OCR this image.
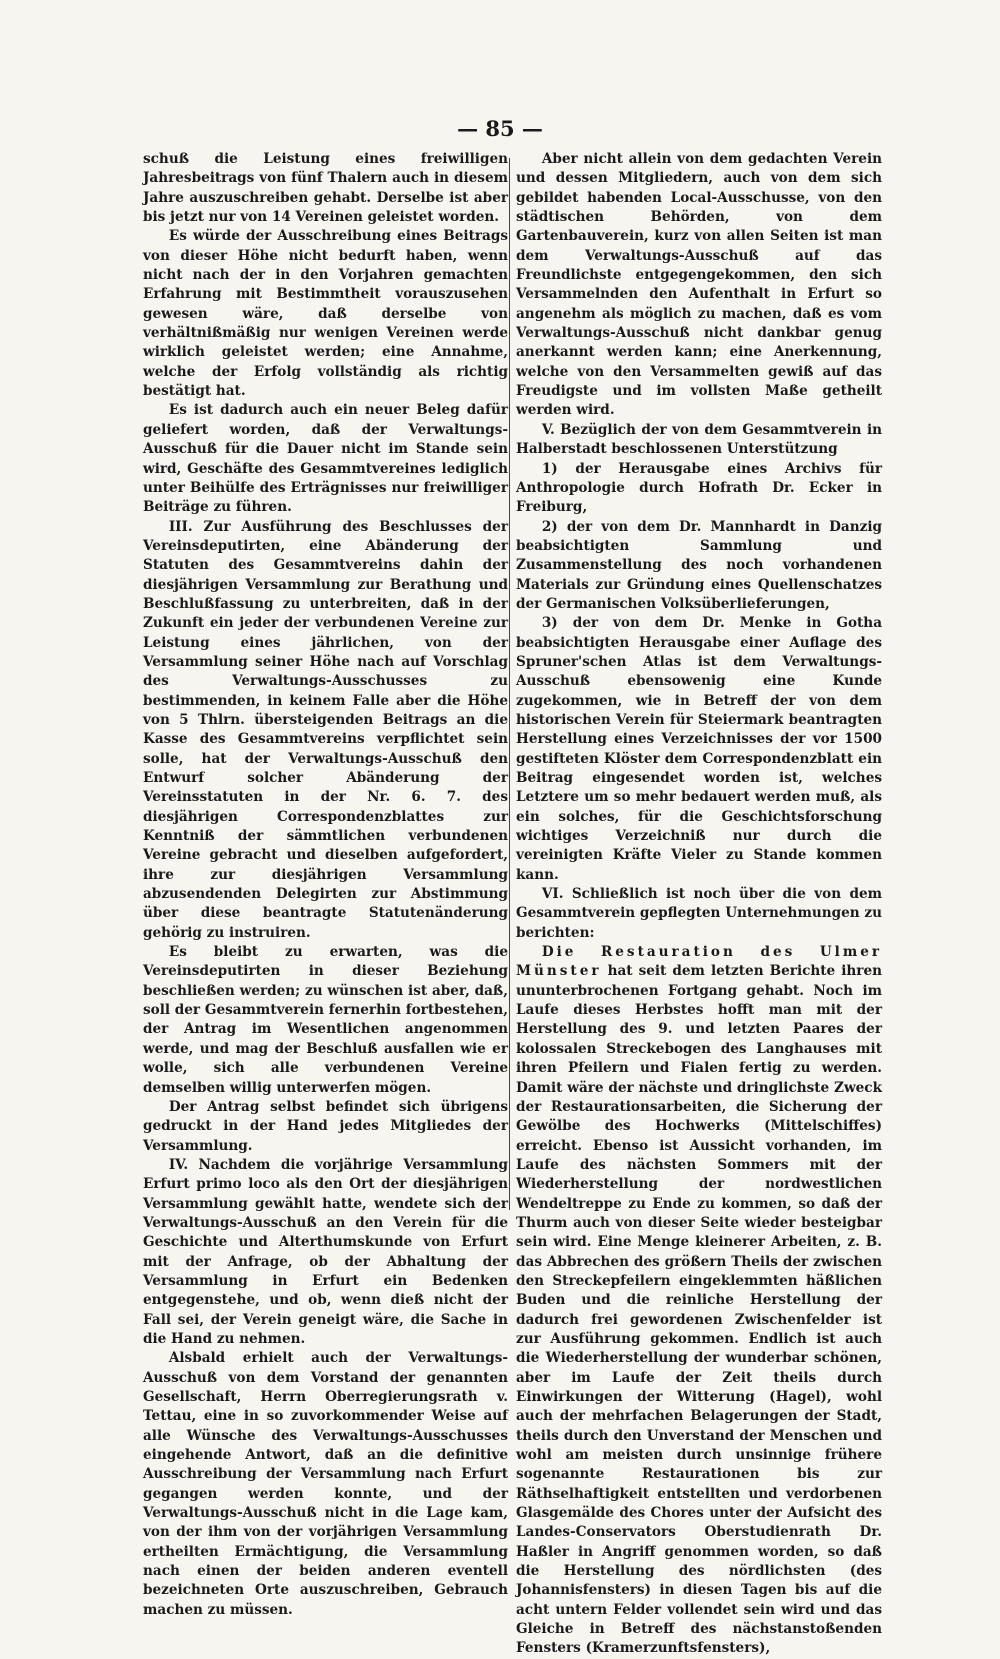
— 85 —

schuß die Leistung eines freiwilligen Jahresbeitrags von fünf Thalern auch in diesem Jahre auszuschreiben gehabt. Derselbe ist aber bis jetzt nur von 14 Vereinen geleistet worden.

Es würde der Ausschreibung eines Beitrags von dieser Höhe nicht bedurft haben, wenn nicht nach der in den Vorjahren gemachten Erfahrung mit Bestimmtheit vorauszusehen gewesen wäre, daß derselbe von verhältnißmäßig nur wenigen Vereinen werde wirklich geleistet werden; eine Annahme, welche der Erfolg vollständig als richtig bestätigt hat.

Es ist dadurch auch ein neuer Beleg dafür geliefert worden, daß der Verwaltungs-Ausschuß für die Dauer nicht im Stande sein wird, Geschäfte des Gesammtvereines lediglich unter Beihülfe des Erträgnisses nur freiwilliger Beiträge zu führen.

III. Zur Ausführung des Beschlusses der Vereinsdeputirten, eine Abänderung der Statuten des Gesammtvereins dahin der diesjährigen Versammlung zur Berathung und Beschlußfassung zu unterbreiten, daß in der Zukunft ein jeder der verbundenen Vereine zur Leistung eines jährlichen, von der Versammlung seiner Höhe nach auf Vorschlag des Verwaltungs-Ausschusses zu bestimmenden, in keinem Falle aber die Höhe von 5 Thlrn. übersteigenden Beitrags an die Kasse des Gesammtvereins verpflichtet sein solle, hat der Verwaltungs-Ausschuß den Entwurf solcher Abänderung der Vereinsstatuten in der Nr. 6. 7. des diesjährigen Correspondenzblattes zur Kenntniß der sämmtlichen verbundenen Vereine gebracht und dieselben aufgefordert, ihre zur diesjährigen Versammlung abzusendenden Delegirten zur Abstimmung über diese beantragte Statutenänderung gehörig zu instruiren.

Es bleibt zu erwarten, was die Vereinsdeputirten in dieser Beziehung beschließen werden; zu wünschen ist aber, daß, soll der Gesammtverein fernerhin fortbestehen, der Antrag im Wesentlichen angenommen werde, und mag der Beschluß ausfallen wie er wolle, sich alle verbundenen Vereine demselben willig unterwerfen mögen.

Der Antrag selbst befindet sich übrigens gedruckt in der Hand jedes Mitgliedes der Versammlung.

IV. Nachdem die vorjährige Versammlung Erfurt primo loco als den Ort der diesjährigen Versammlung gewählt hatte, wendete sich der Verwaltungs-Ausschuß an den Verein für die Geschichte und Alterthumskunde von Erfurt mit der Anfrage, ob der Abhaltung der Versammlung in Erfurt ein Bedenken entgegenstehe, und ob, wenn dieß nicht der Fall sei, der Verein geneigt wäre, die Sache in die Hand zu nehmen.

Alsbald erhielt auch der Verwaltungs-Ausschuß von dem Vorstand der genannten Gesellschaft, Herrn Oberregierungsrath v. Tettau, eine in so zuvorkommender Weise auf alle Wünsche des Verwaltungs-Ausschusses eingehende Antwort, daß an die definitive Ausschreibung der Versammlung nach Erfurt gegangen werden konnte, und der Verwaltungs-Ausschuß nicht in die Lage kam, von der ihm von der vorjährigen Versammlung ertheilten Ermächtigung, die Versammlung nach einen der beiden anderen eventell bezeichneten Orte auszuschreiben, Gebrauch machen zu müssen.

Aber nicht allein von dem gedachten Verein und dessen Mitgliedern, auch von dem sich gebildet habenden Local-Ausschusse, von den städtischen Behörden, von dem Gartenbauverein, kurz von allen Seiten ist man dem Verwaltungs-Ausschuß auf das Freundlichste entgegengekommen, den sich Versammelnden den Aufenthalt in Erfurt so angenehm als möglich zu machen, daß es vom Verwaltungs-Ausschuß nicht dankbar genug anerkannt werden kann; eine Anerkennung, welche von den Versammelten gewiß auf das Freudigste und im vollsten Maße getheilt werden wird.

V. Bezüglich der von dem Gesammtverein in Halberstadt beschlossenen Unterstützung

1) der Herausgabe eines Archivs für Anthropologie durch Hofrath Dr. Ecker in Freiburg,

2) der von dem Dr. Mannhardt in Danzig beabsichtigten Sammlung und Zusammenstellung des noch vorhandenen Materials zur Gründung eines Quellenschatzes der Germanischen Volksüberlieferungen,

3) der von dem Dr. Menke in Gotha beabsichtigten Herausgabe einer Auflage des Spruner'schen Atlas ist dem Verwaltungs-Ausschuß ebensowenig eine Kunde zugekommen, wie in Betreff der von dem historischen Verein für Steiermark beantragten Herstellung eines Verzeichnisses der vor 1500 gestifteten Klöster dem Correspondenzblatt ein Beitrag eingesendet worden ist, welches Letztere um so mehr bedauert werden muß, als ein solches, für die Geschichtsforschung wichtiges Verzeichniß nur durch die vereinigten Kräfte Vieler zu Stande kommen kann.

VI. Schließlich ist noch über die von dem Gesammtverein gepflegten Unternehmungen zu berichten:

Die Restauration des Ulmer Münster hat seit dem letzten Berichte ihren ununterbrochenen Fortgang gehabt. Noch im Laufe dieses Herbstes hofft man mit der Herstellung des 9. und letzten Paares der kolossalen Streckebogen des Langhauses mit ihren Pfeilern und Fialen fertig zu werden. Damit wäre der nächste und dringlichste Zweck der Restaurationsarbeiten, die Sicherung der Gewölbe des Hochwerks (Mittelschiffes) erreicht. Ebenso ist Aussicht vorhanden, im Laufe des nächsten Sommers mit der Wiederherstellung der nordwestlichen Wendeltreppe zu Ende zu kommen, so daß der Thurm auch von dieser Seite wieder besteigbar sein wird. Eine Menge kleinerer Arbeiten, z. B. das Abbrechen des größern Theils der zwischen den Streckepfeilern eingeklemmten häßlichen Buden und die reinliche Herstellung der dadurch frei gewordenen Zwischenfelder ist zur Ausführung gekommen. Endlich ist auch die Wiederherstellung der wunderbar schönen, aber im Laufe der Zeit theils durch Einwirkungen der Witterung (Hagel), wohl auch der mehrfachen Belagerungen der Stadt, theils durch den Unverstand der Menschen und wohl am meisten durch unsinnige frühere sogenannte Restaurationen bis zur Räthselhaftigkeit entstellten und verdorbenen Glasgemälde des Chores unter der Aufsicht des Landes-Conservators Oberstudienrath Dr. Haßler in Angriff genommen worden, so daß die Herstellung des nördlichsten (des Johannisfensters) in diesen Tagen bis auf die acht untern Felder vollendet sein wird und das Gleiche in Betreff des nächstanstoßenden Fensters (Kramerzunftsfensters),
